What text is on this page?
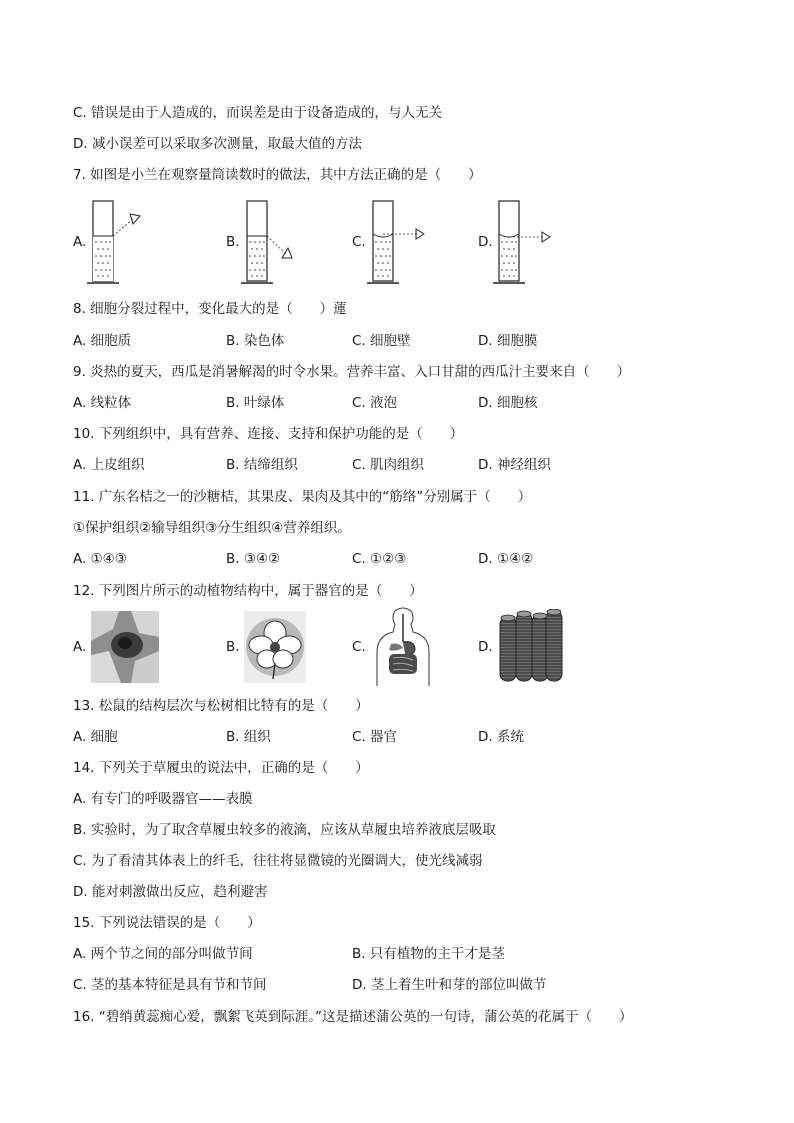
C. 错误是由于人造成的，而误差是由于设备造成的，与人无关
D. 减小误差可以采取多次测量，取最大值的方法
7. 如图是小兰在观察量筒读数时的做法，其中方法正确的是（　　）
A.	B.	C.	D.
8. 细胞分裂过程中，变化最大的是（　　）蓮
A. 细胞质	B. 染色体	C. 细胞壁	D. 细胞膜
9. 炎热的夏天，西瓜是消暑解渴的时令水果。营养丰富、入口甘甜的西瓜汁主要来自（　　）
A. 线粒体	B. 叶绿体	C. 液泡	D. 细胞核
10. 下列组织中，具有营养、连接、支持和保护功能的是（　　）
A. 上皮组织	B. 结缔组织	C. 肌肉组织	D. 神经组织
11. 广东名桔之一的沙糖桔，其果皮、果肉及其中的“筋络”分别属于（　　）
①保护组织②输导组织③分生组织④营养组织。
A. ①④③	B. ③④②	C. ①②③	D. ①④②
12. 下列图片所示的动植物结构中，属于器官的是（　　）
A.	B.	C.	D.
13. 松鼠的结构层次与松树相比特有的是（　　）
A. 细胞	B. 组织	C. 器官	D. 系统
14. 下列关于草履虫的说法中，正确的是（　　）
A. 有专门的呼吸器官——表膜
B. 实验时，为了取含草履虫较多的液滴，应该从草履虫培养液底层吸取
C. 为了看清其体表上的纤毛，往往将显微镜的光圈调大，使光线减弱
D. 能对刺激做出反应，趋利避害
15. 下列说法错误的是（　　）
A. 两个节之间的部分叫做节间	B. 只有植物的主干才是茎
C. 茎的基本特征是具有节和节间	D. 茎上着生叶和芽的部位叫做节
16. “碧绡黄蕊痴心爱，飘絮飞英到际涯。”这是描述蒲公英的一句诗，蒲公英的花属于（　　）
